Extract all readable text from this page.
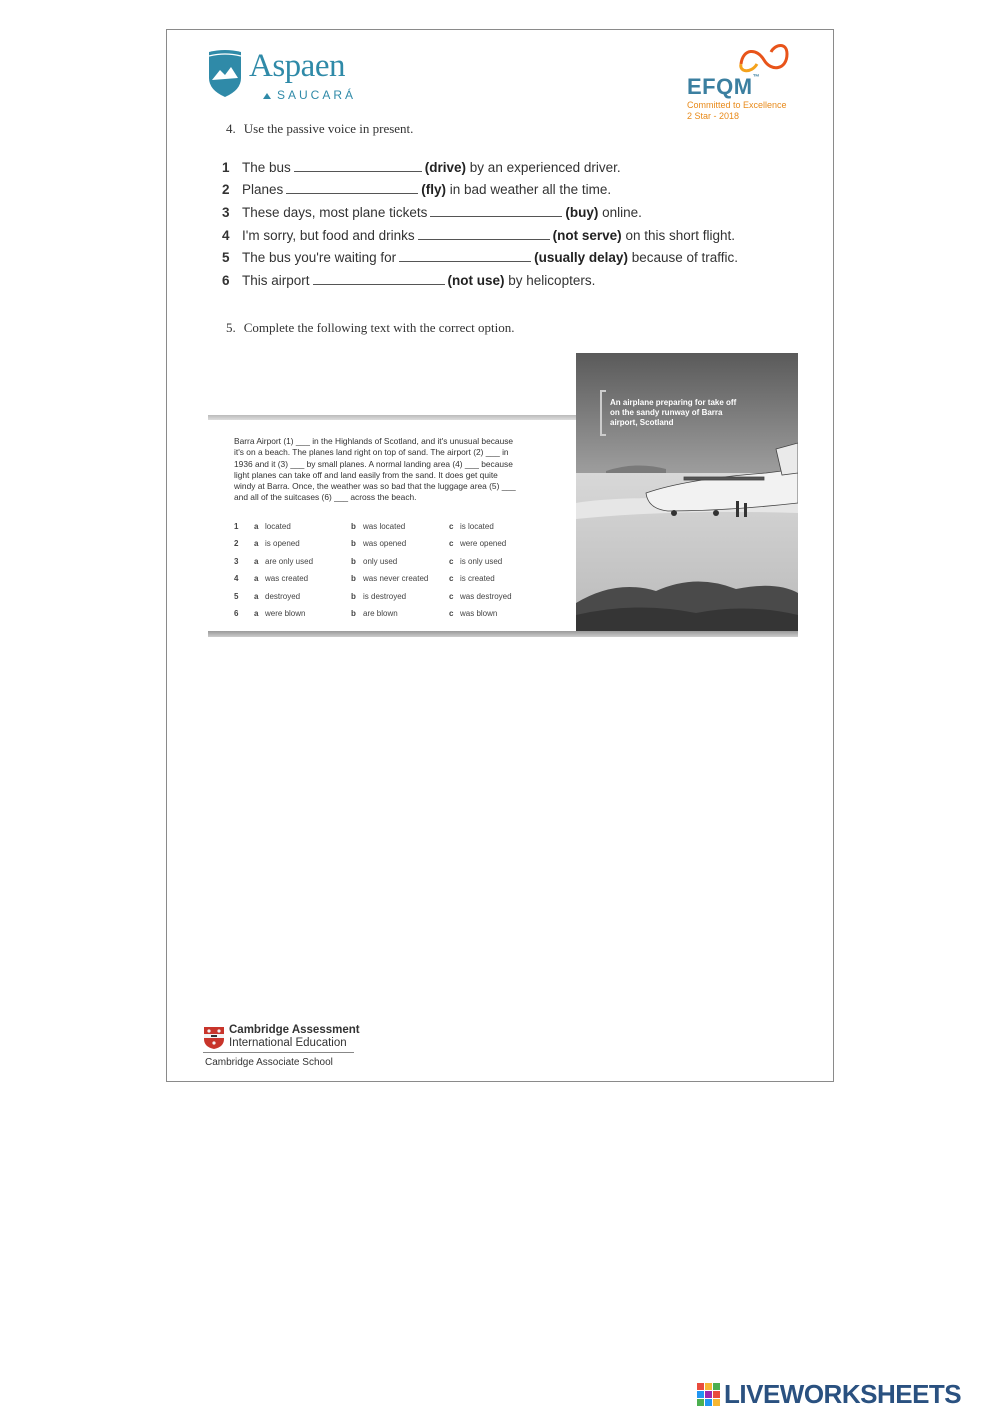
Aspaen
SAUCARÁ	EFQM™
Committed to Excellence
2 Star - 2018
4. Use the passive voice in present.
1 The bus	(drive) by an experienced driver.
2 Planes	(fly) in bad weather all the time.
3 These days, most plane tickets	(buy) online.
4 I'm sorry, but food and drinks	(not serve) on this short flight.
5 The bus you're waiting for	(usually delay) because of traffic.
6 This airport	(not use) by helicopters.
5. Complete the following text with the correct option.
Barra Airport (1) ___ in the Highlands of Scotland, and it's unusual because
it's on a beach. The planes land right on top of sand. The airport (2) ___ in
1936 and it (3) ___ by small planes. A normal landing area (4) ___ because
light planes can take off and land easily from the sand. It does get quite
windy at Barra. Once, the weather was so bad that the luggage area (5) ___
and all of the suitcases (6) ___ across the beach.
1 a located	b was located	c is located
2 a is opened	b was opened	c were opened
3 a are only used	b only used	c is only used
4 a was created	b was never created	c is created
5 a destroyed	b is destroyed	c was destroyed
6 a were blown	b are blown	c was blown
An airplane preparing for take off on the sandy runway of Barra airport, Scotland
Cambridge Assessment
International Education
Cambridge Associate School
LIVEWORKSHEETS
